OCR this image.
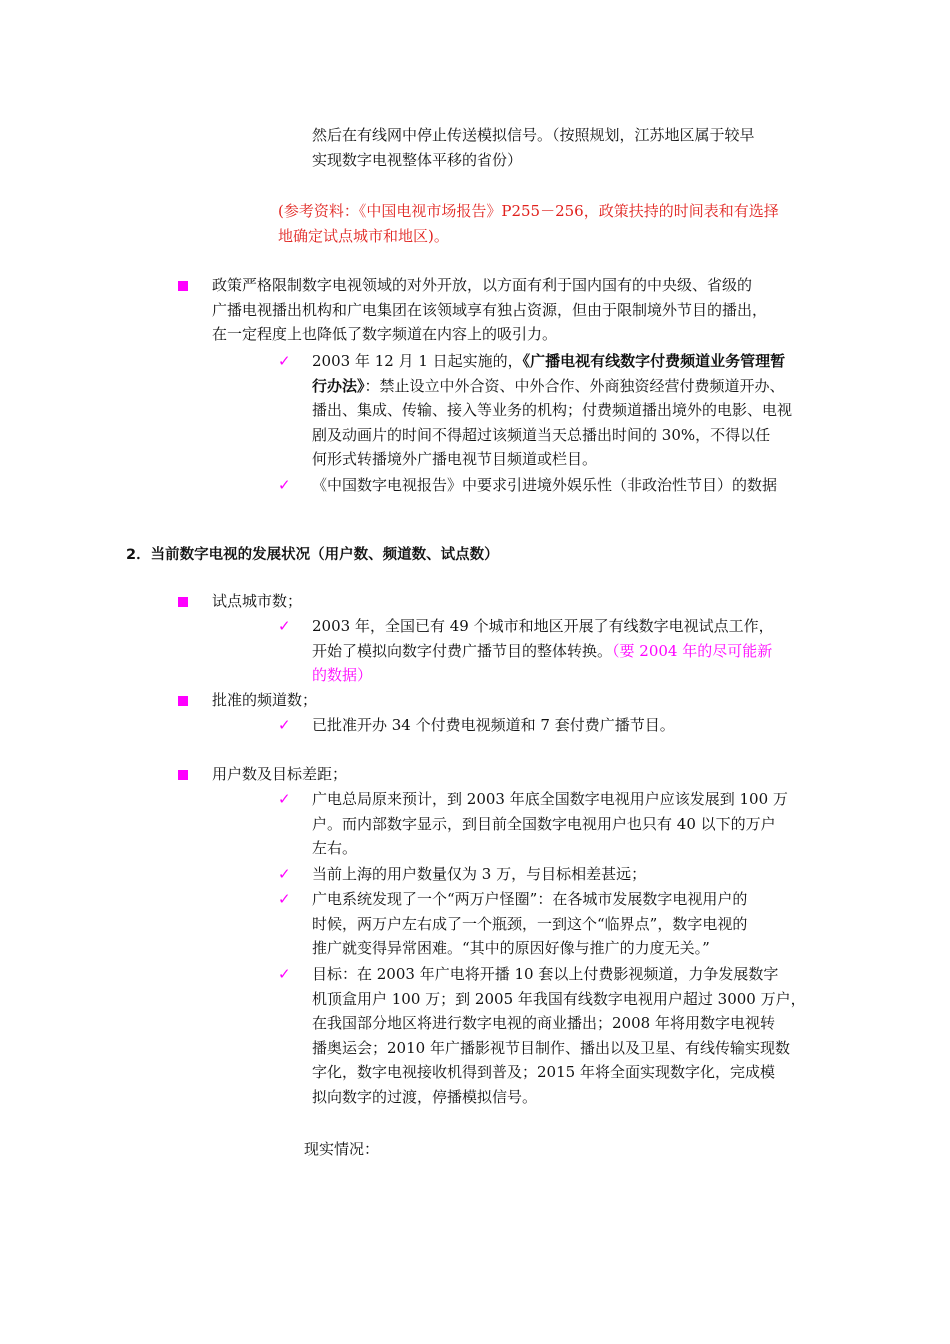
然后在有线网中停止传送模拟信号。（按照规划，江苏地区属于较早
实现数字电视整体平移的省份）
(参考资料：《中国电视市场报告》P255－256，政策扶持的时间表和有选择
地确定试点城市和地区)。
政策严格限制数字电视领域的对外开放，以方面有利于国内国有的中央级、省级的
广播电视播出机构和广电集团在该领域享有独占资源，但由于限制境外节目的播出，
在一定程度上也降低了数字频道在内容上的吸引力。
✓ 2003 年 12 月 1 日起实施的，《广播电视有线数字付费频道业务管理暂
行办法》：禁止设立中外合资、中外合作、外商独资经营付费频道开办、
播出、集成、传输、接入等业务的机构；付费频道播出境外的电影、电视
剧及动画片的时间不得超过该频道当天总播出时间的 30%，不得以任
何形式转播境外广播电视节目频道或栏目。
✓ 《中国数字电视报告》中要求引进境外娱乐性（非政治性节目）的数据
2．当前数字电视的发展状况（用户数、频道数、试点数）
试点城市数；
✓ 2003 年，全国已有 49 个城市和地区开展了有线数字电视试点工作，
开始了模拟向数字付费广播节目的整体转换。（要 2004 年的尽可能新
的数据）
批准的频道数；
✓ 已批准开办 34 个付费电视频道和 7 套付费广播节目。
用户数及目标差距；
✓ 广电总局原来预计，到 2003 年底全国数字电视用户应该发展到 100 万
户。而内部数字显示，到目前全国数字电视用户也只有 40 以下的万户
左右。
✓ 当前上海的用户数量仅为 3 万，与目标相差甚远；
✓ 广电系统发现了一个“两万户怪圈”：在各城市发展数字电视用户的
时候，两万户左右成了一个瓶颈，一到这个“临界点”，数字电视的
推广就变得异常困难。“其中的原因好像与推广的力度无关。”
✓ 目标：在 2003 年广电将开播 10 套以上付费影视频道，力争发展数字
机顶盒用户 100 万；到 2005 年我国有线数字电视用户超过 3000 万户，
在我国部分地区将进行数字电视的商业播出；2008 年将用数字电视转
播奥运会；2010 年广播影视节目制作、播出以及卫星、有线传输实现数
字化，数字电视接收机得到普及；2015 年将全面实现数字化，完成模
拟向数字的过渡，停播模拟信号。
现实情况：
